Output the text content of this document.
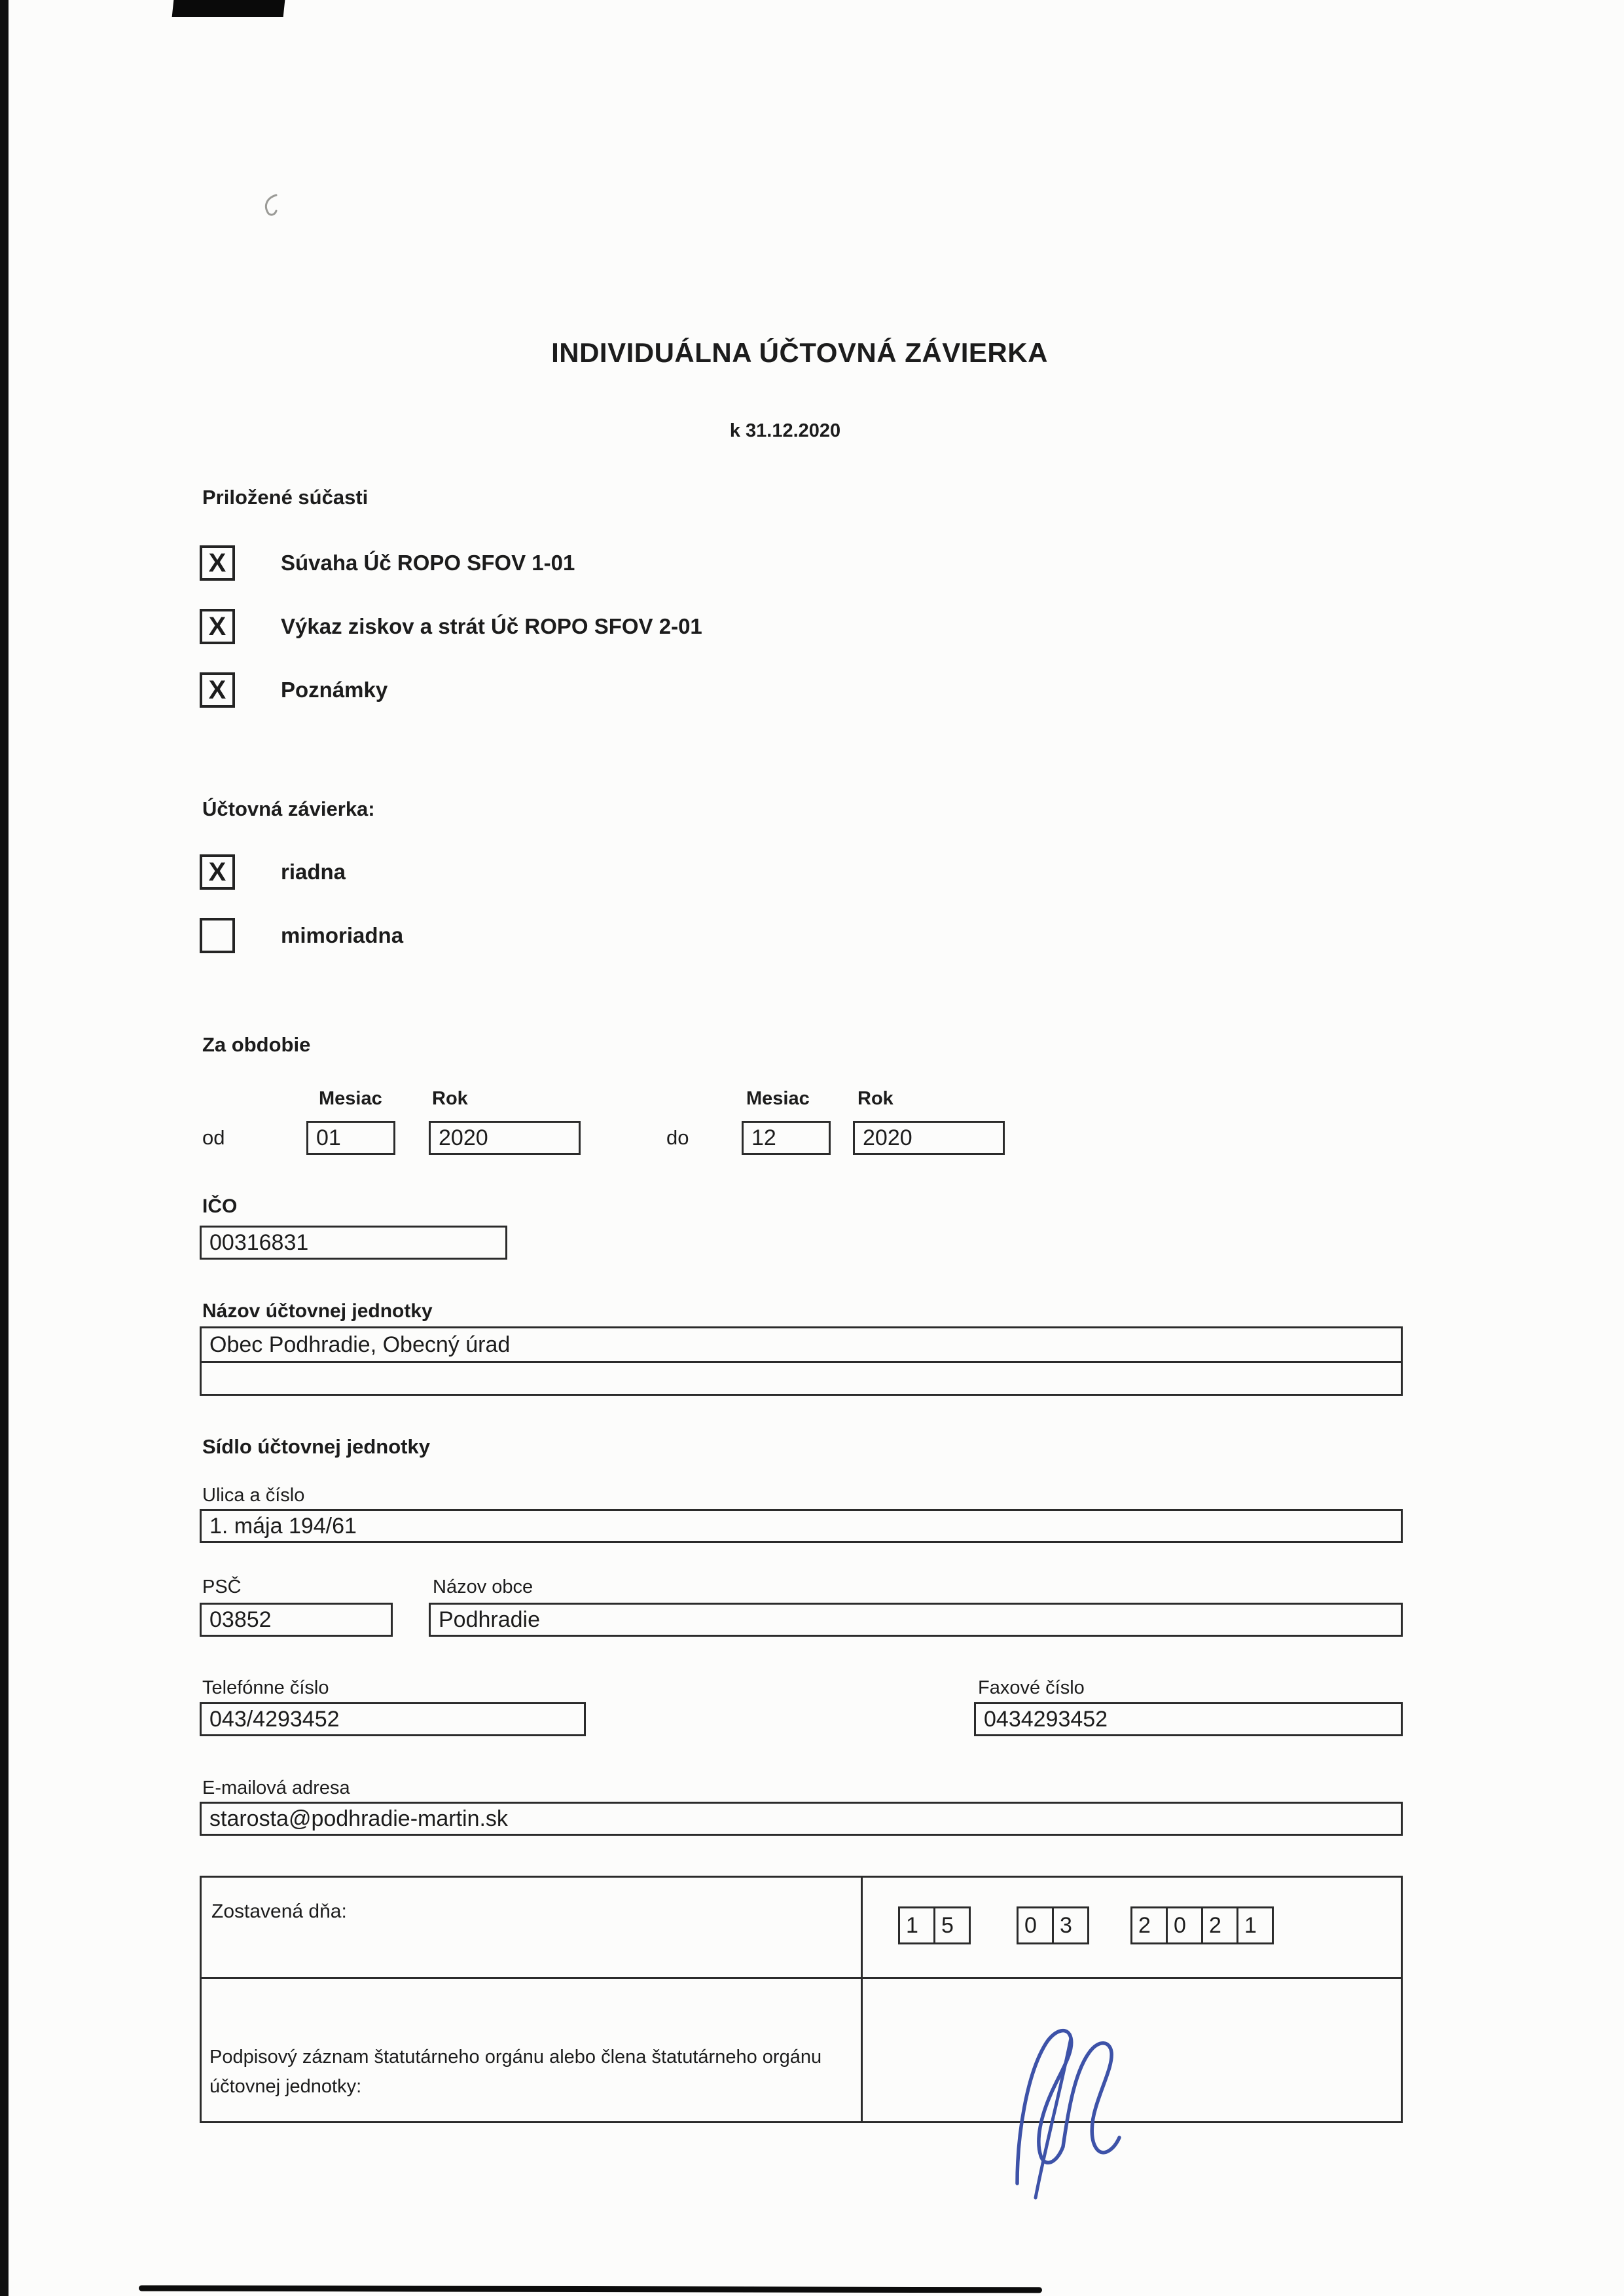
INDIVIDUÁLNA ÚČTOVNÁ ZÁVIERKA
k 31.12.2020
Priložené súčasti
X	Súvaha Úč ROPO SFOV 1-01
X	Výkaz ziskov a strát Úč ROPO SFOV 2-01
X	Poznámky
Účtovná závierka:
X	riadna
mimoriadna
Za obdobie
Mesiac	Rok	Mesiac	Rok
od	01	2020	do	12	2020
IČO
00316831
Názov účtovnej jednotky
Obec Podhradie, Obecný úrad
Sídlo účtovnej jednotky
Ulica a číslo
1. mája 194/61
PSČ
03852
Názov obce
Podhradie
Telefónne číslo
043/4293452
Faxové číslo
0434293452
E-mailová adresa
starosta@podhradie-martin.sk
Zostavená dňa:
1	5	0	3	2	0	2	1
Podpisový záznam štatutárneho orgánu alebo člena štatutárneho orgánu účtovnej jednotky:
